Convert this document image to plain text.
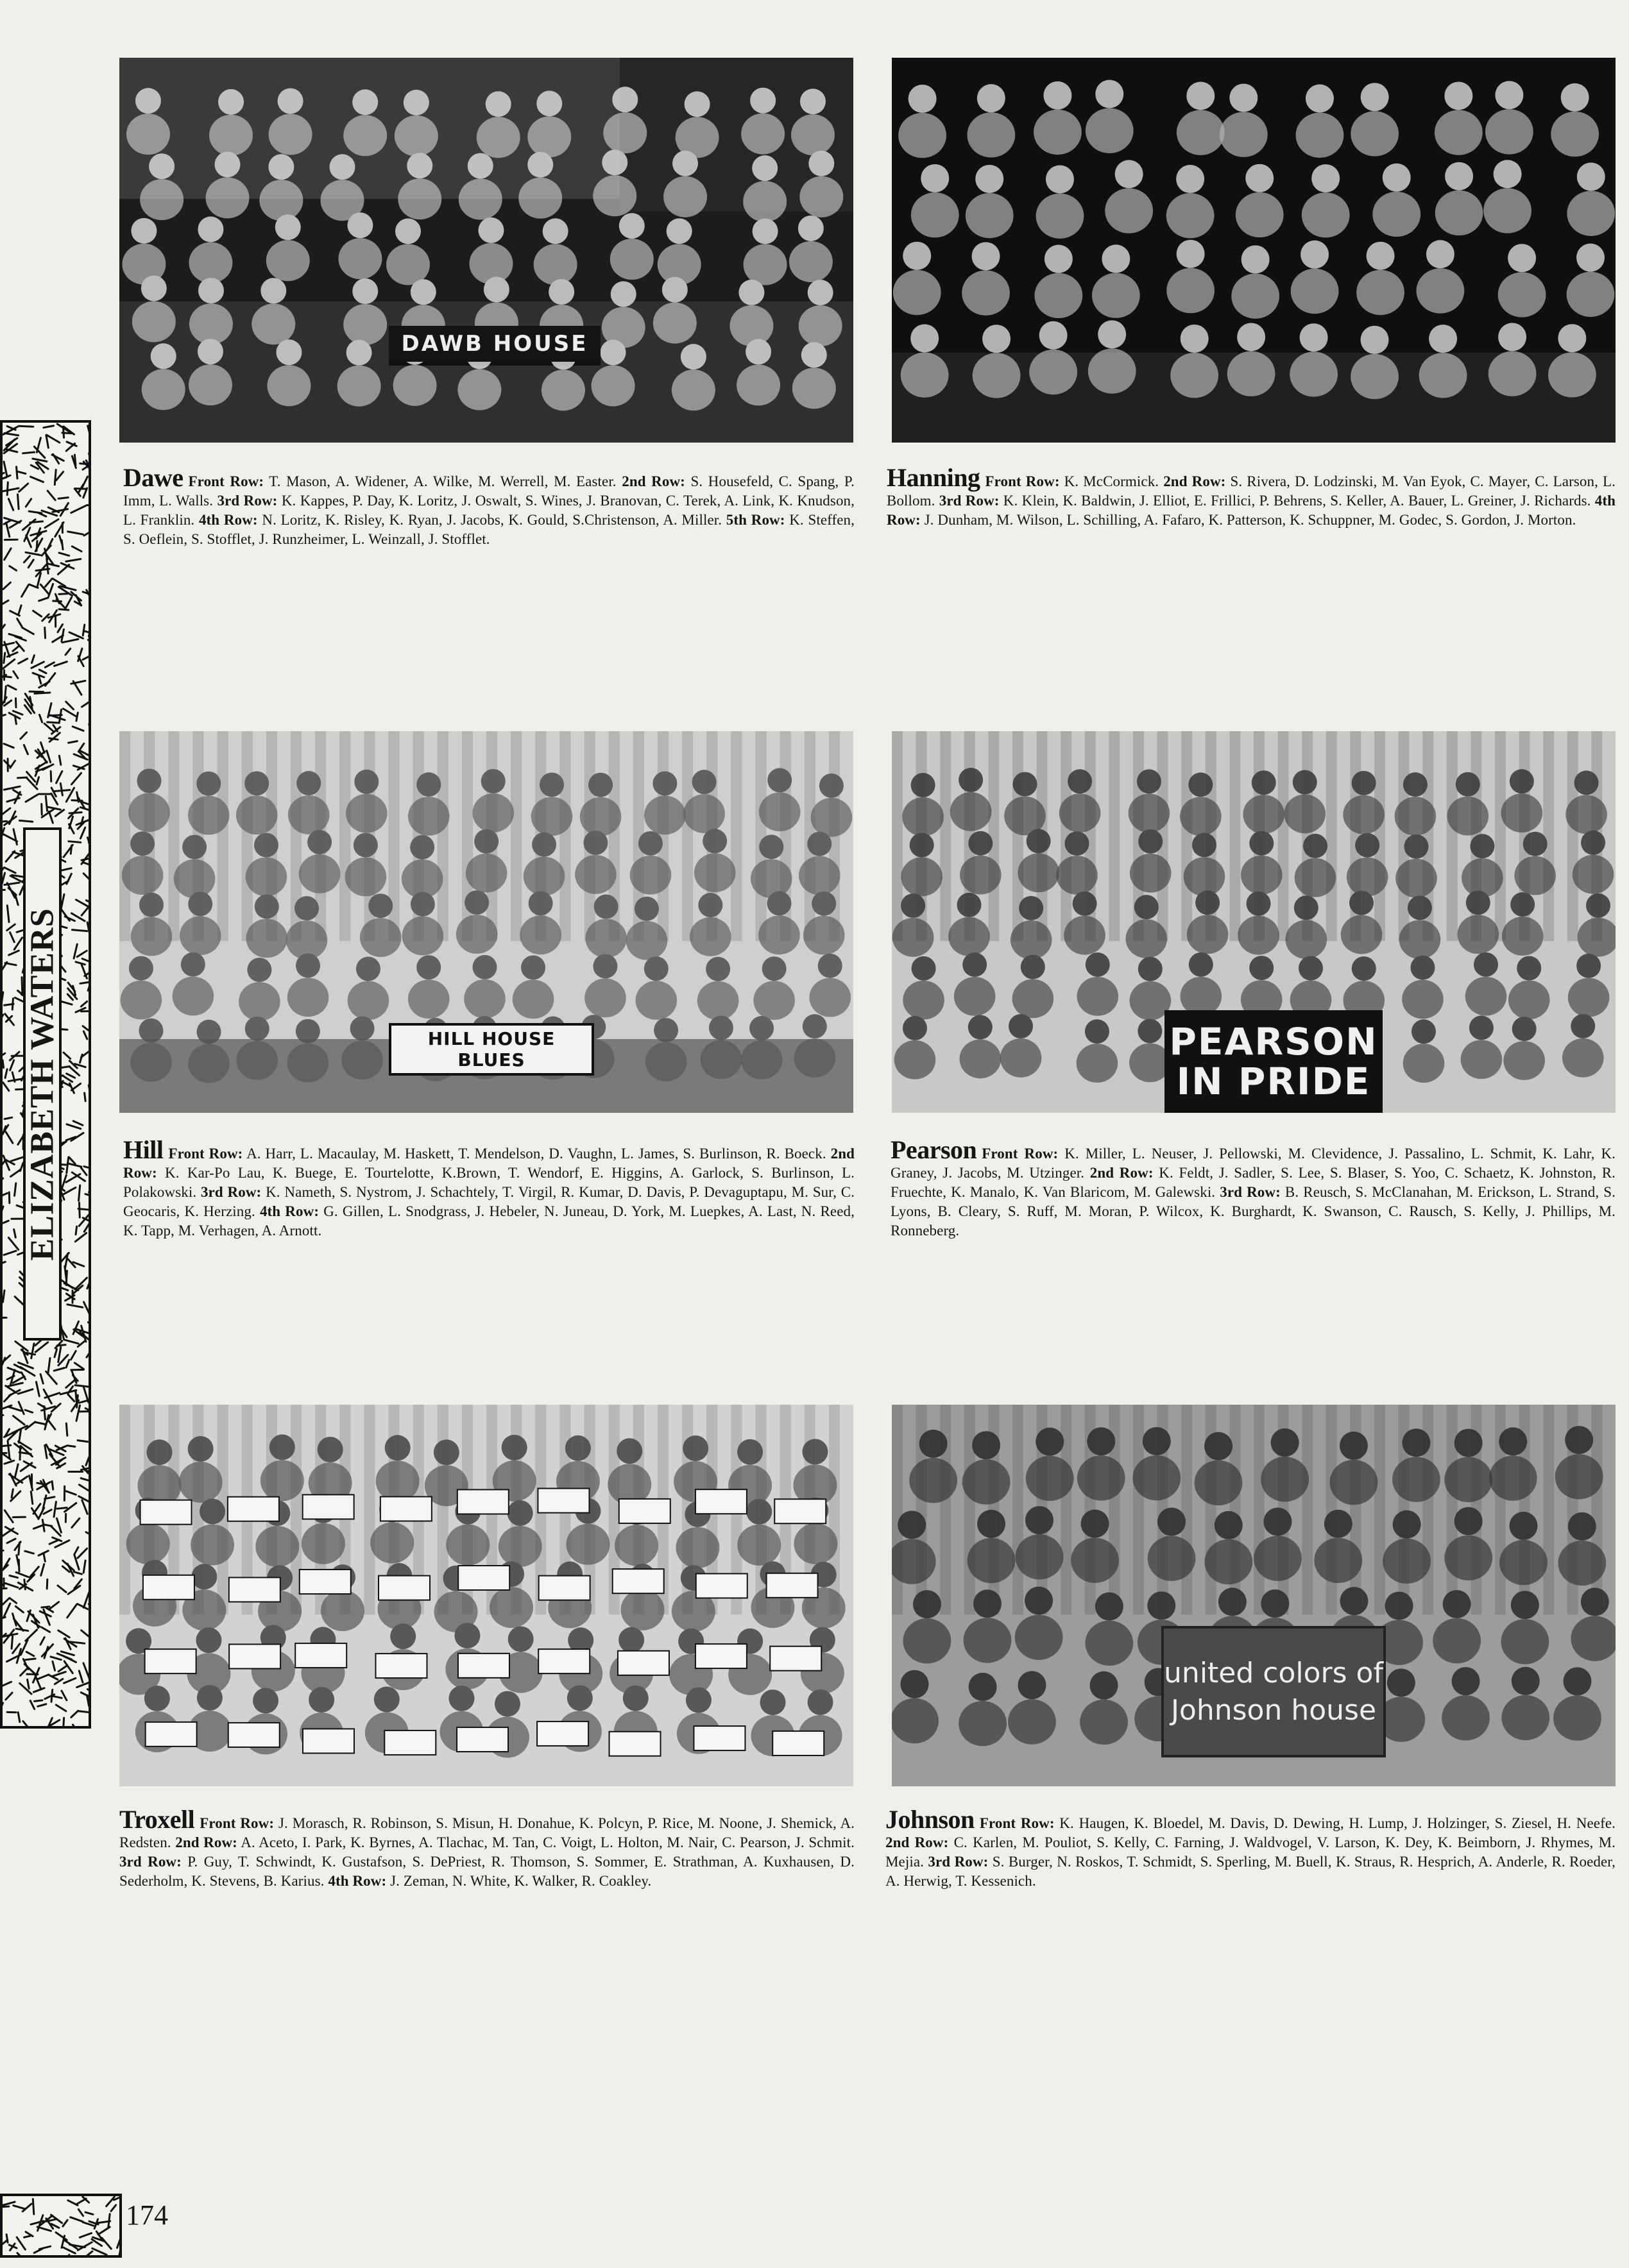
ELIZABETH WATERS
DAWB HOUSE
HILL HOUSE BLUES	PEARSON IN PRIDE
united colors of Johnson house
Dawe Front Row: T. Mason, A. Widener, A. Wilke, M. Werrell, M. Easter. 2nd Row: S. Housefeld, C. Spang, P. Imm, L. Walls. 3rd Row: K. Kappes, P. Day, K. Loritz, J. Oswalt, S. Wines, J. Branovan, C. Terek, A. Link, K. Knudson, L. Franklin. 4th Row: N. Loritz, K. Risley, K. Ryan, J. Jacobs, K. Gould, S.Christenson, A. Miller. 5th Row: K. Steffen, S. Oeflein, S. Stofflet, J. Runzheimer, L. Weinzall, J. Stofflet.
Hanning Front Row: K. McCormick. 2nd Row: S. Rivera, D. Lodzinski, M. Van Eyok, C. Mayer, C. Larson, L. Bollom. 3rd Row: K. Klein, K. Baldwin, J. Elliot, E. Frillici, P. Behrens, S. Keller, A. Bauer, L. Greiner, J. Richards. 4th Row: J. Dunham, M. Wilson, L. Schilling, A. Fafaro, K. Patterson, K. Schuppner, M. Godec, S. Gordon, J. Morton.
Hill Front Row: A. Harr, L. Macaulay, M. Haskett, T. Mendelson, D. Vaughn, L. James, S. Burlinson, R. Boeck. 2nd Row: K. Kar-Po Lau, K. Buege, E. Tourtelotte, K.Brown, T. Wendorf, E. Higgins, A. Garlock, S. Burlinson, L. Polakowski. 3rd Row: K. Nameth, S. Nystrom, J. Schachtely, T. Virgil, R. Kumar, D. Davis, P. Devaguptapu, M. Sur, C. Geocaris, K. Herzing. 4th Row: G. Gillen, L. Snodgrass, J. Hebeler, N. Juneau, D. York, M. Luepkes, A. Last, N. Reed, K. Tapp, M. Verhagen, A. Arnott.
Pearson Front Row: K. Miller, L. Neuser, J. Pellowski, M. Clevidence, J. Passalino, L. Schmit, K. Lahr, K. Graney, J. Jacobs, M. Utzinger. 2nd Row: K. Feldt, J. Sadler, S. Lee, S. Blaser, S. Yoo, C. Schaetz, K. Johnston, R. Fruechte, K. Manalo, K. Van Blaricom, M. Galewski. 3rd Row: B. Reusch, S. McClanahan, M. Erickson, L. Strand, S. Lyons, B. Cleary, S. Ruff, M. Moran, P. Wilcox, K. Burghardt, K. Swanson, C. Rausch, S. Kelly, J. Phillips, M. Ronneberg.
Troxell Front Row: J. Morasch, R. Robinson, S. Misun, H. Donahue, K. Polcyn, P. Rice, M. Noone, J. Shemick, A. Redsten. 2nd Row: A. Aceto, I. Park, K. Byrnes, A. Tlachac, M. Tan, C. Voigt, L. Holton, M. Nair, C. Pearson, J. Schmit. 3rd Row: P. Guy, T. Schwindt, K. Gustafson, S. DePriest, R. Thomson, S. Sommer, E. Strathman, A. Kuxhausen, D. Sederholm, K. Stevens, B. Karius. 4th Row: J. Zeman, N. White, K. Walker, R. Coakley.
Johnson Front Row: K. Haugen, K. Bloedel, M. Davis, D. Dewing, H. Lump, J. Holzinger, S. Ziesel, H. Neefe. 2nd Row: C. Karlen, M. Pouliot, S. Kelly, C. Farning, J. Waldvogel, V. Larson, K. Dey, K. Beimborn, J. Rhymes, M. Mejia. 3rd Row: S. Burger, N. Roskos, T. Schmidt, S. Sperling, M. Buell, K. Straus, R. Hesprich, A. Anderle, R. Roeder, A. Herwig, T. Kessenich.
174
